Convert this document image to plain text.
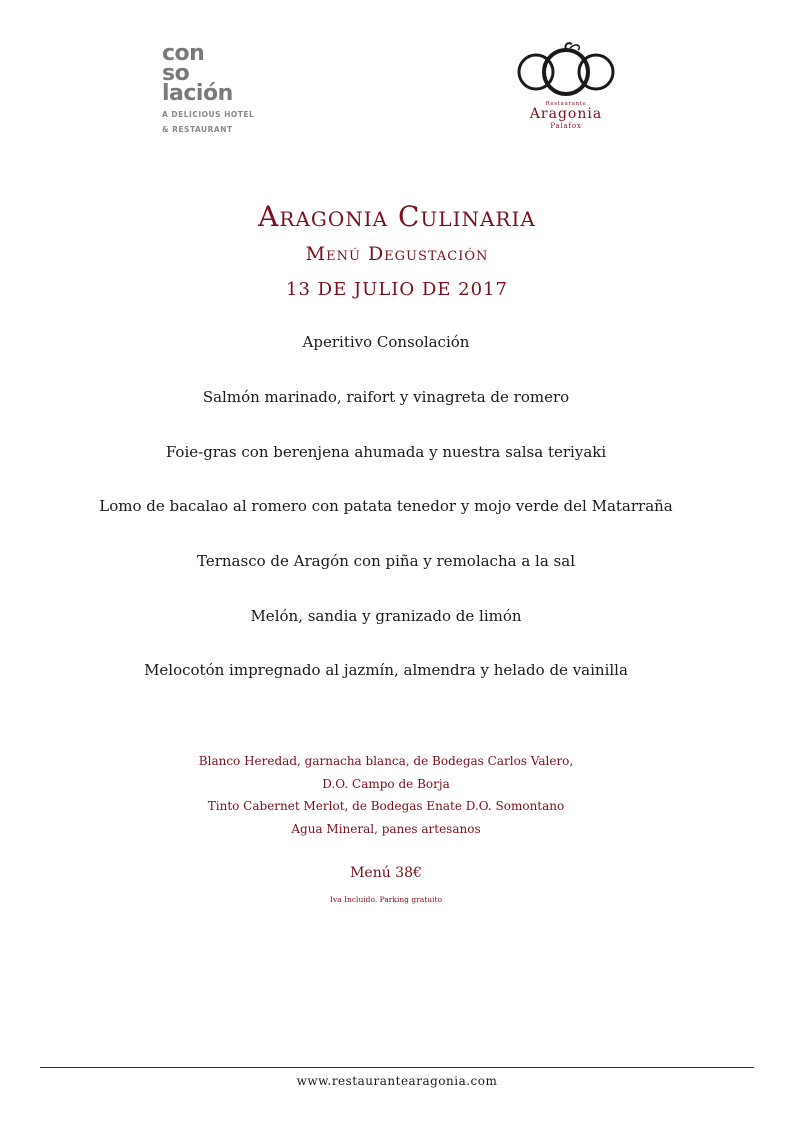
con
so
lación
A DELICIOUS HOTEL
& RESTAURANT
Restaurante
Aragonia
Palafox
Aragonia Culinaria
Menú Degustación
13 DE JULIO DE 2017
Aperitivo Consolación
Salmón marinado, raifort y vinagreta de romero
Foie-gras con berenjena ahumada y nuestra salsa teriyaki
Lomo de bacalao al romero con patata tenedor y mojo verde del Matarraña
Ternasco de Aragón con piña y remolacha a la sal
Melón, sandia y granizado de limón
Melocotón impregnado al jazmín, almendra y helado de vainilla
Blanco Heredad, garnacha blanca, de Bodegas Carlos Valero,
D.O. Campo de Borja
Tinto Cabernet Merlot, de Bodegas Enate D.O. Somontano
Agua Mineral, panes artesanos
Menú 38€
Iva Incluido. Parking gratuito
www.restaurantearagonia.com
